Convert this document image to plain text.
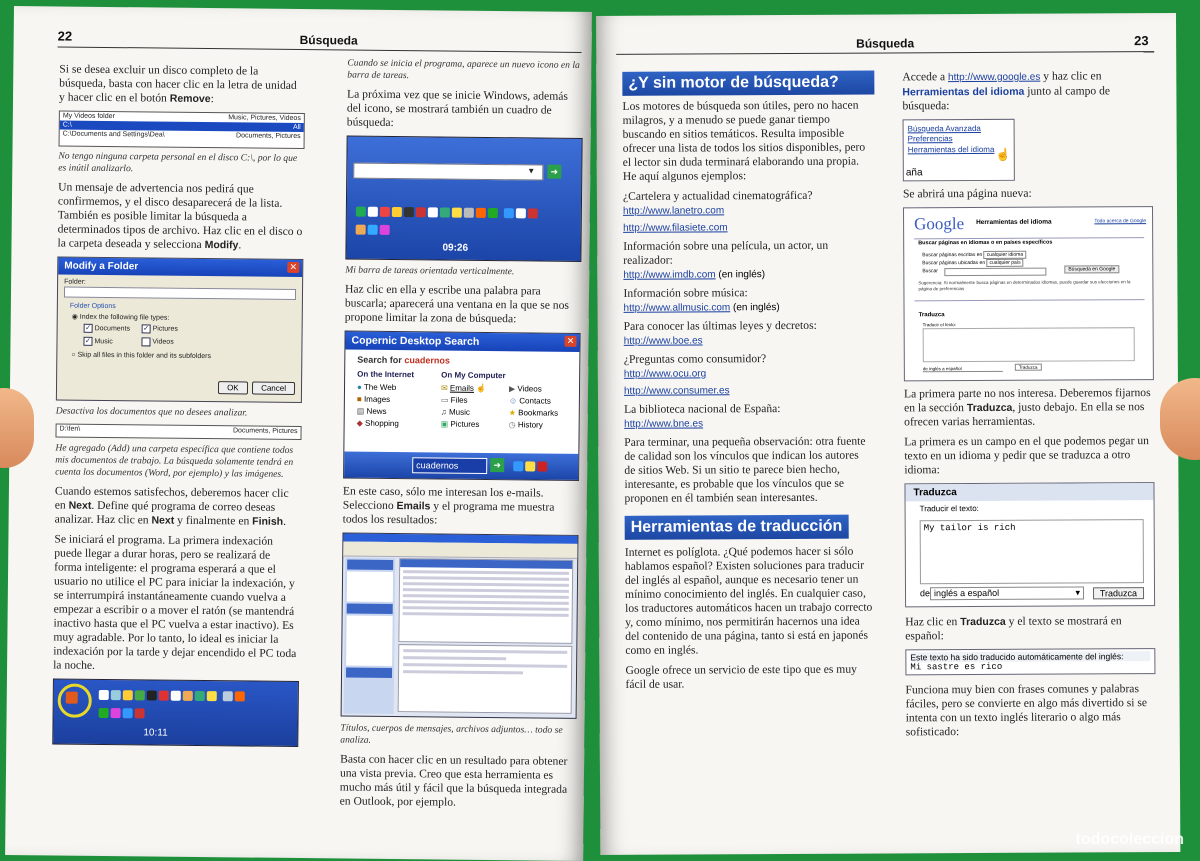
22	Búsqueda

Si se desea excluir un disco completo de la búsqueda, basta con hacer clic en la letra de unidad y hacer clic en el botón Remove:

My Videos folder	Music, Pictures, Videos
C:\	All
C:\Documents and Settings\Dea\	Documents, Pictures

No tengo ninguna carpeta personal en el disco C:\, por lo que es inútil analizarlo.

Un mensaje de advertencia nos pedirá que confirmemos, y el disco desaparecerá de la lista. También es posible limitar la búsqueda a determinados tipos de archivo. Haz clic en el disco o la carpeta deseada y selecciona Modify.

Modify a Folder	✕
Folder:
Folder Options
◉ Index the following file types:
✓Documents ✓	Pictures
✓Music	Videos
○ Skip all files in this folder and its subfolders
OK	Cancel

Desactiva los documentos que no desees analizar.

D:\fen\	Documents, Pictures

He agregado (Add) una carpeta específica que contiene todos mis documentos de trabajo. La búsqueda solamente tendrá en cuenta los documentos (Word, por ejemplo) y las imágenes.

Cuando estemos satisfechos, deberemos hacer clic en Next. Define qué programa de correo deseas analizar. Haz clic en Next y finalmente en Finish.

Se iniciará el programa. La primera indexación puede llegar a durar horas, pero se realizará de forma inteligente: el programa esperará a que el usuario no utilice el PC para iniciar la indexación, y se interrumpirá instantáneamente cuando vuelva a empezar a escribir o a mover el ratón (se mantendrá inactivo hasta que el PC vuelva a estar inactivo). Es muy agradable. Por lo tanto, lo ideal es iniciar la indexación por la tarde y dejar encendido el PC toda la noche.

10:11

Cuando se inicia el programa, aparece un nuevo icono en la barra de tareas.

La próxima vez que se inicie Windows, además del icono, se mostrará también un cuadro de búsqueda:

▼	➜

09:26

Mi barra de tareas orientada verticalmente.

Haz clic en ella y escribe una palabra para buscarla; aparecerá una ventana en la que se nos propone limitar la zona de búsqueda:

Copernic Desktop Search	✕
Search for cuadernos
On the Internet	On My Computer
● The Web
■ Images
▤ News
◆ Shopping
✉ Emails ☝
▭ Files
♫ Music
▣ Pictures
▶ Videos
☺ Contacts
★ Bookmarks
◷ History
cuadernos	➜

En este caso, sólo me interesan los e-mails. Selecciono Emails y el programa me muestra todos los resultados:

Títulos, cuerpos de mensajes, archivos adjuntos… todo se analiza.

Basta con hacer clic en un resultado para obtener una vista previa. Creo que esta herramienta es mucho más útil y fácil que la búsqueda integrada en Outlook, por ejemplo.

Búsqueda	23
¿Y sin motor de búsqueda?

Los motores de búsqueda son útiles, pero no hacen milagros, y a menudo se puede ganar tiempo buscando en sitios temáticos. Resulta imposible ofrecer una lista de todos los sitios disponibles, pero el lector sin duda terminará elaborando una propia. He aquí algunos ejemplos:

¿Cartelera y actualidad cinematográfica?

http://www.lanetro.com
http://www.filasiete.com

Información sobre una película, un actor, un realizador:

http://www.imdb.com (en inglés)

Información sobre música:

http://www.allmusic.com (en inglés)

Para conocer las últimas leyes y decretos:

http://www.boe.es

¿Preguntas como consumidor?

http://www.ocu.org
http://www.consumer.es

La biblioteca nacional de España:

http://www.bne.es

Para terminar, una pequeña observación: otra fuente de calidad son los vínculos que indican los autores de sitios Web. Si un sitio te parece bien hecho, interesante, es probable que los vínculos que se proponen en él también sean interesantes.

Herramientas de traducción

Internet es políglota. ¿Qué podemos hacer si sólo hablamos español? Existen soluciones para traducir del inglés al español, aunque es necesario tener un mínimo conocimiento del inglés. En cualquier caso, los traductores automáticos hacen un trabajo correcto y, como mínimo, nos permitirán hacernos una idea del contenido de una página, tanto si está en japonés como en inglés.

Google ofrece un servicio de este tipo que es muy fácil de usar.

Accede a http://www.google.es y haz clic en Herramientas del idioma junto al campo de búsqueda:

Búsqueda Avanzada
Preferencias
Herramientas del idioma ☝
aña

Se abrirá una página nueva:

Google Herramientas del idioma	Todo acerca de Google
Buscar páginas en idiomas o en países específicos
Buscar páginas escritas en cualquier idioma
Buscar páginas ubicadas en cualquier país
Buscar	Búsqueda en Google
Sugerencia: Si normalmente busca páginas en determinados idiomas, puede guardar sus elecciones en la página de preferencias
Traduzca
Traducir el texto:
de inglés a español	Traduzca

La primera parte no nos interesa. Deberemos fijarnos en la sección Traduzca, justo debajo. En ella se nos ofrecen varias herramientas.

La primera es un campo en el que podemos pegar un texto en un idioma y pedir que se traduzca a otro idioma:

Traduzca
Traducir el texto:
My tailor is rich
de inglés a español	▾	Traduzca

Haz clic en Traduzca y el texto se mostrará en español:

Este texto ha sido traducido automáticamente del inglés:
Mi sastre es rico

Funciona muy bien con frases comunes y palabras fáciles, pero se convierte en algo más divertido si se intenta con un texto inglés literario o algo más sofisticado:

todocoleccion
